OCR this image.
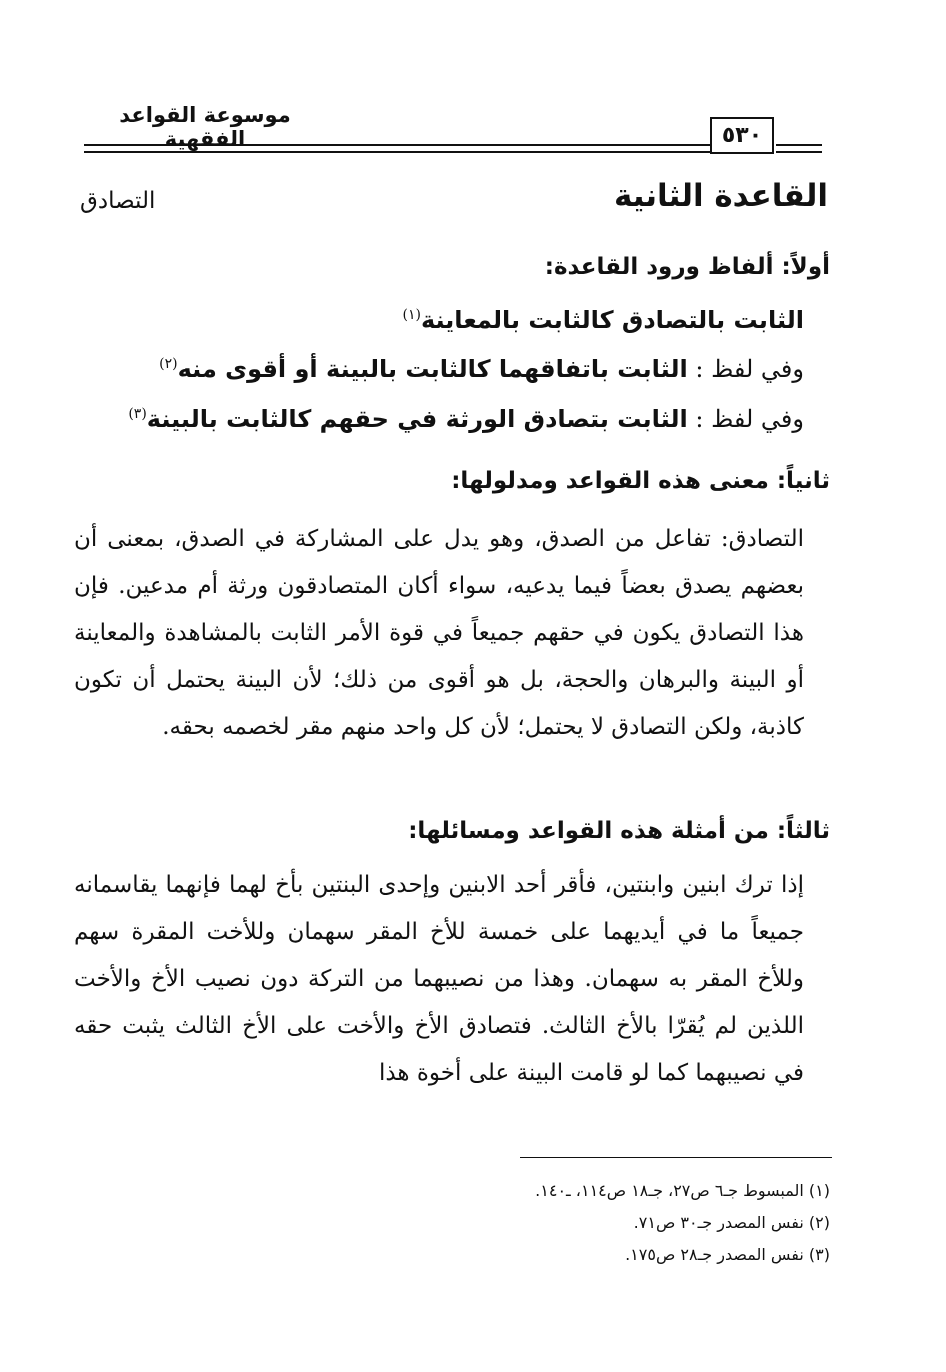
موسوعة القواعد الفقهية	٥٣٠
القاعدة الثانية
التصادق
أولاً: ألفاظ ورود القاعدة:
الثابت بالتصادق كالثابت بالمعاينة$^{(١)}$
وفي لفظ : الثابت باتفاقهما كالثابت بالبينة أو أقوى منه$^{(٢)}$
وفي لفظ : الثابت بتصادق الورثة في حقهم كالثابت بالبينة$^{(٣)}$
ثانياً: معنى هذه القواعد ومدلولها:
التصادق: تفاعل من الصدق، وهو يدل على المشاركة في الصدق، بمعنى أن بعضهم يصدق بعضاً فيما يدعيه، سواء أكان المتصادقون ورثة أم مدعين. فإن هذا التصادق يكون في حقهم جميعاً في قوة الأمر الثابت بالمشاهدة والمعاينة أو البينة والبرهان والحجة، بل هو أقوى من ذلك؛ لأن البينة يحتمل أن تكون كاذبة، ولكن التصادق لا يحتمل؛ لأن كل واحد منهم مقر لخصمه بحقه.
ثالثاً: من أمثلة هذه القواعد ومسائلها:
إذا ترك ابنين وابنتين، فأقر أحد الابنين وإحدى البنتين بأخ لهما فإنهما يقاسمانه جميعاً ما في أيديهما على خمسة للأخ المقر سهمان وللأخت المقرة سهم وللأخ المقر به سهمان. وهذا من نصيبهما من التركة دون نصيب الأخ والأخت اللذين لم يُقرّا بالأخ الثالث. فتصادق الأخ والأخت على الأخ الثالث يثبت حقه في نصيبهما كما لو قامت البينة على أخوة هذا
(١) المبسوط جـ٦ ص٢٧، جـ١٨ ص١١٤، ـ١٤٠.
(٢) نفس المصدر جـ٣٠ ص٧١.
(٣) نفس المصدر جـ٢٨ ص١٧٥.
